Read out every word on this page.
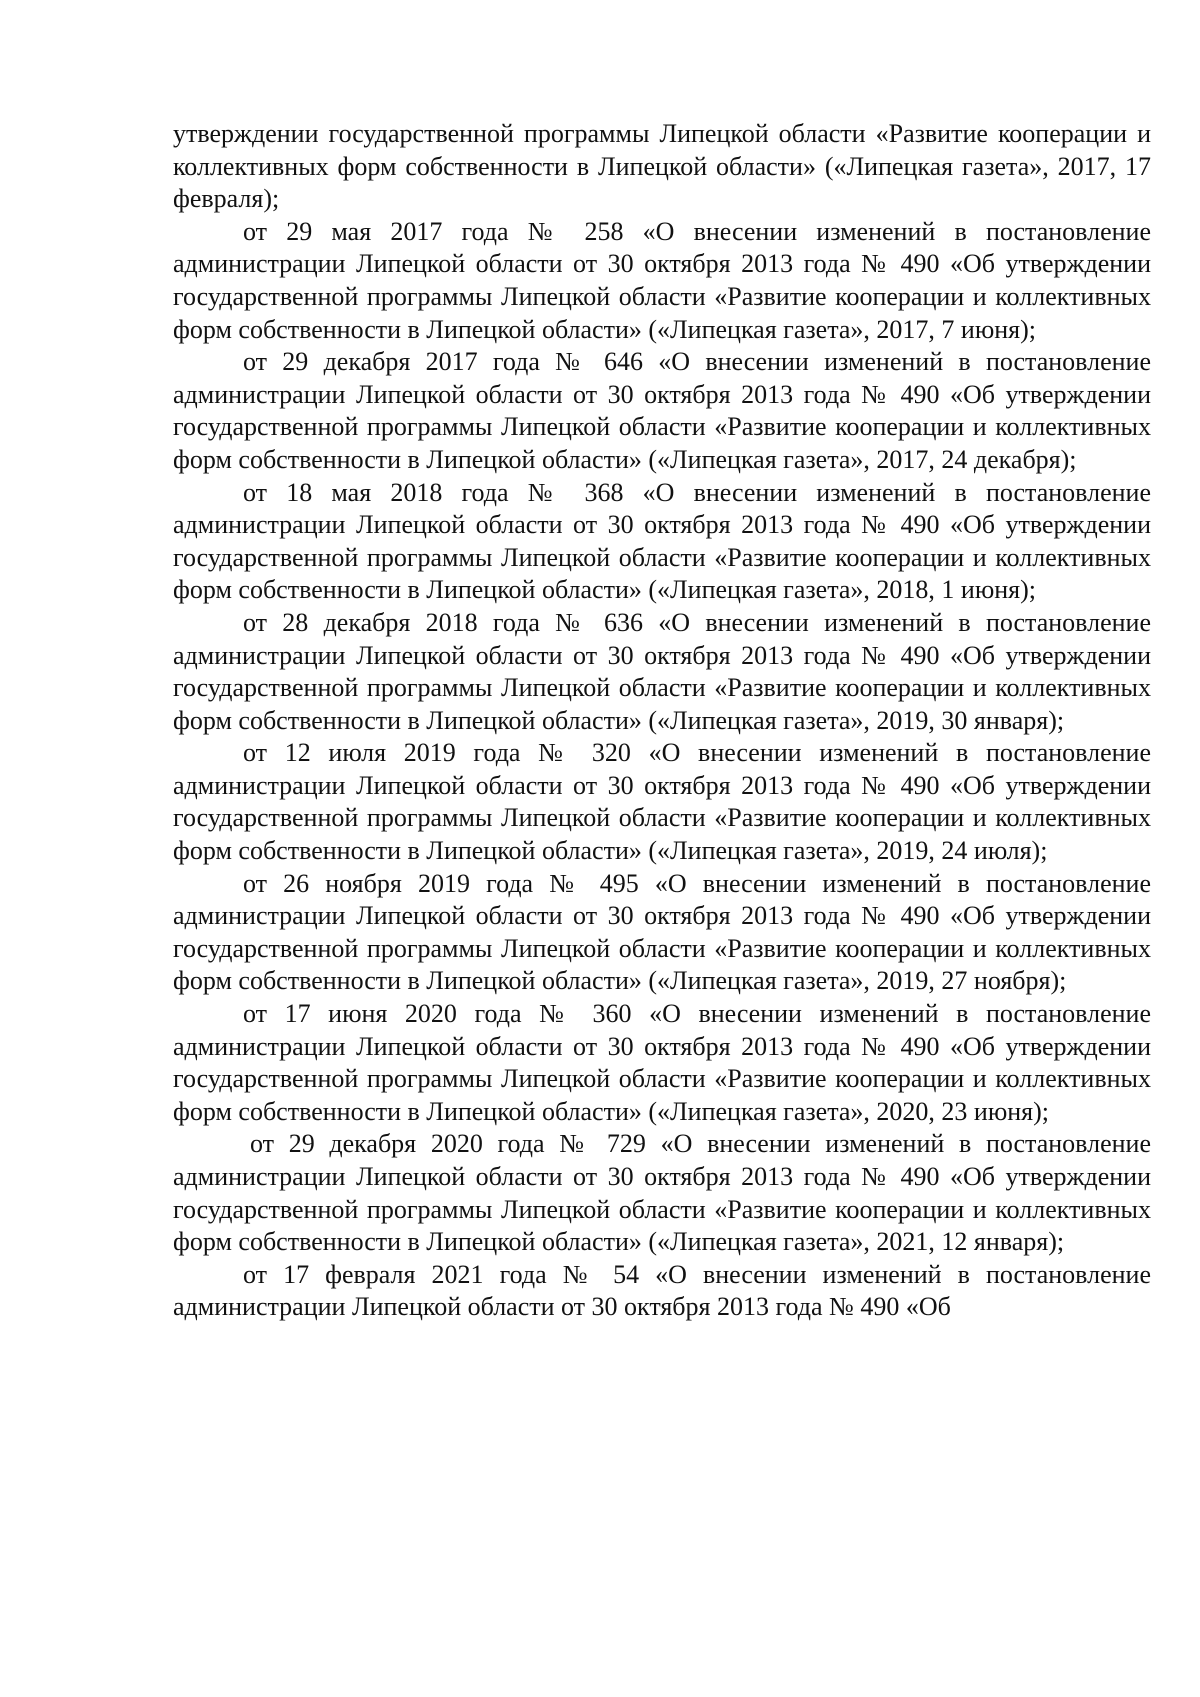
утверждении государственной программы Липецкой области «Развитие кооперации и коллективных форм собственности в Липецкой области» («Липецкая газета», 2017, 17 февраля);

от 29 мая 2017 года № 258 «О внесении изменений в постановление администрации Липецкой области от 30 октября 2013 года № 490 «Об утверждении государственной программы Липецкой области «Развитие кооперации и коллективных форм собственности в Липецкой области» («Липецкая газета», 2017, 7 июня);

от 29 декабря 2017 года № 646 «О внесении изменений в постановление администрации Липецкой области от 30 октября 2013 года № 490 «Об утверждении государственной программы Липецкой области «Развитие кооперации и коллективных форм собственности в Липецкой области» («Липецкая газета», 2017, 24 декабря);

от 18 мая 2018 года № 368 «О внесении изменений в постановление администрации Липецкой области от 30 октября 2013 года № 490 «Об утверждении государственной программы Липецкой области «Развитие кооперации и коллективных форм собственности в Липецкой области» («Липецкая газета», 2018, 1 июня);

от 28 декабря 2018 года № 636 «О внесении изменений в постановление администрации Липецкой области от 30 октября 2013 года № 490 «Об утверждении государственной программы Липецкой области «Развитие кооперации и коллективных форм собственности в Липецкой области» («Липецкая газета», 2019, 30 января);

от 12 июля 2019 года № 320 «О внесении изменений в постановление администрации Липецкой области от 30 октября 2013 года № 490 «Об утверждении государственной программы Липецкой области «Развитие кооперации и коллективных форм собственности в Липецкой области» («Липецкая газета», 2019, 24 июля);

от 26 ноября 2019 года № 495 «О внесении изменений в постановление администрации Липецкой области от 30 октября 2013 года № 490 «Об утверждении государственной программы Липецкой области «Развитие кооперации и коллективных форм собственности в Липецкой области» («Липецкая газета», 2019, 27 ноября);

от 17 июня 2020 года № 360 «О внесении изменений в постановление администрации Липецкой области от 30 октября 2013 года № 490 «Об утверждении государственной программы Липецкой области «Развитие кооперации и коллективных форм собственности в Липецкой области» («Липецкая газета», 2020, 23 июня);

от 29 декабря 2020 года № 729 «О внесении изменений в постановление администрации Липецкой области от 30 октября 2013 года № 490 «Об утверждении государственной программы Липецкой области «Развитие кооперации и коллективных форм собственности в Липецкой области» («Липецкая газета», 2021, 12 января);

от 17 февраля 2021 года № 54 «О внесении изменений в постановление администрации Липецкой области от 30 октября 2013 года № 490 «Об
